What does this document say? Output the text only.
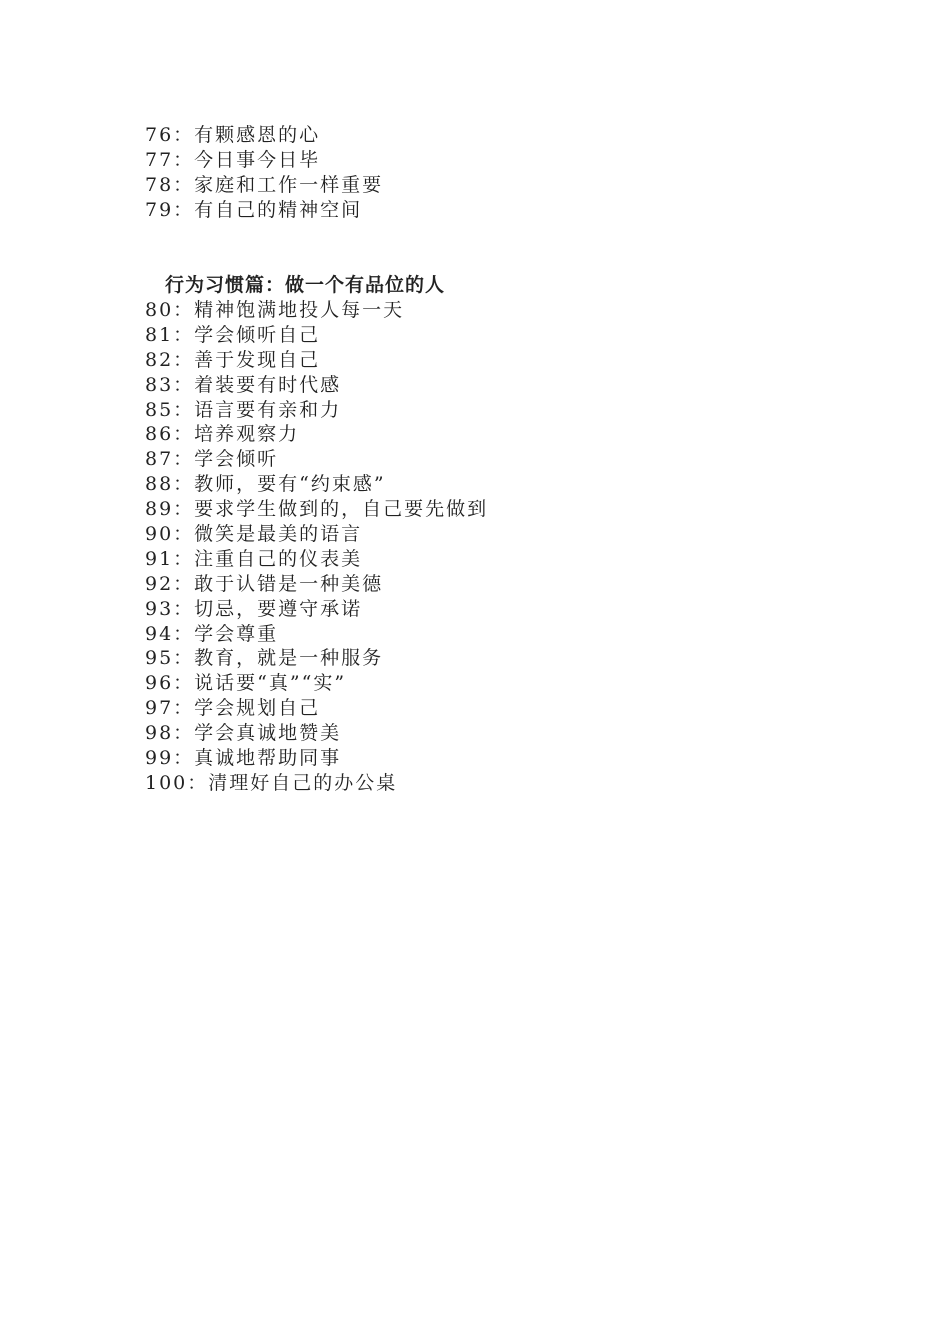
76：有颗感恩的心
77：今日事今日毕
78：家庭和工作一样重要
79：有自己的精神空间
行为习惯篇：做一个有品位的人
80：精神饱满地投人每一天
81：学会倾听自己
82：善于发现自己
83：着装要有时代感
85：语言要有亲和力
86：培养观察力
87：学会倾听
88：教师，要有“约束感”
89：要求学生做到的，自己要先做到
90：微笑是最美的语言
91：注重自己的仪表美
92：敢于认错是一种美德
93：切忌，要遵守承诺
94：学会尊重
95：教育，就是一种服务
96：说话要“真”“实”
97：学会规划自己
98：学会真诚地赞美
99：真诚地帮助同事
100：清理好自己的办公桌
